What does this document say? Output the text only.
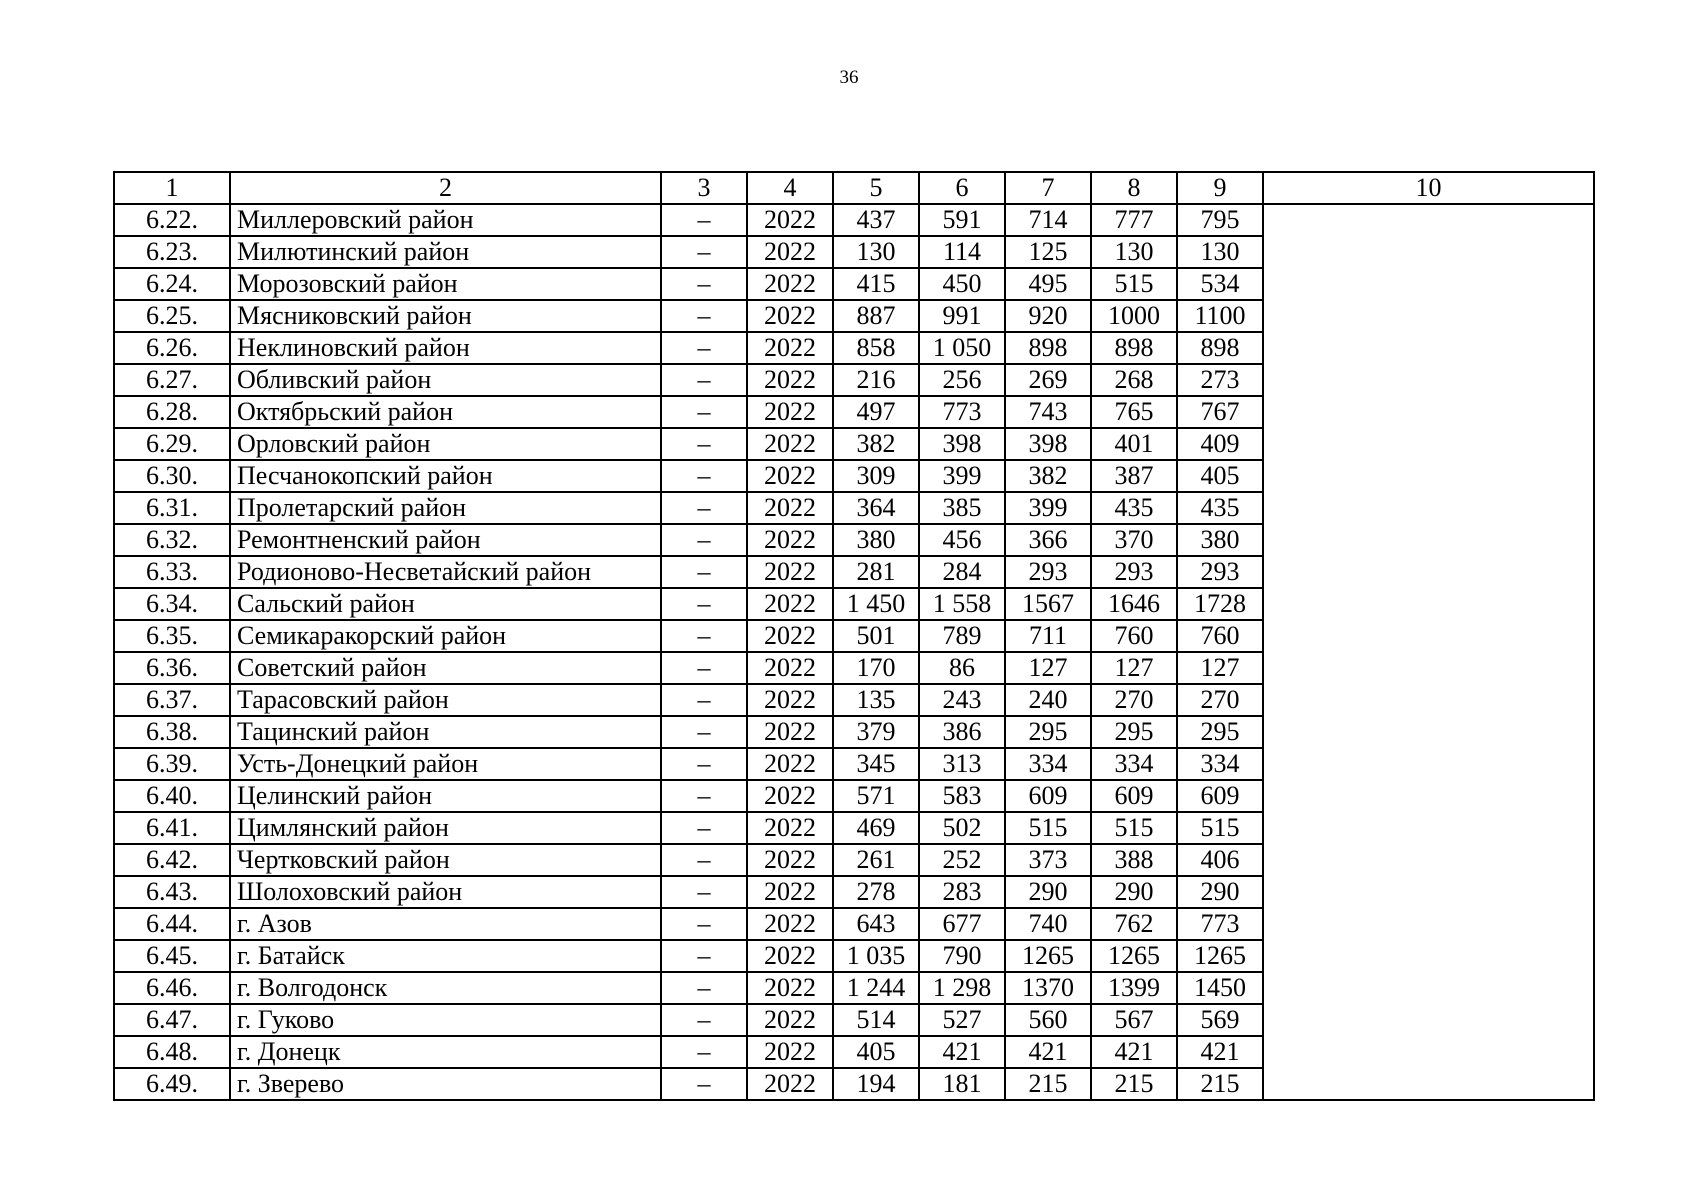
36
1	2	3	4	5	6	7	8	9	10
6.22.	Миллеровский район	–	2022	437	591	714	777	795	
6.23.	Милютинский район	–	2022	130	114	125	130	130	
6.24.	Морозовский район	–	2022	415	450	495	515	534	
6.25.	Мясниковский район	–	2022	887	991	920	1000	1100	
6.26.	Неклиновский район	–	2022	858	1 050	898	898	898	
6.27.	Обливский район	–	2022	216	256	269	268	273	
6.28.	Октябрьский район	–	2022	497	773	743	765	767	
6.29.	Орловский район	–	2022	382	398	398	401	409	
6.30.	Песчанокопский район	–	2022	309	399	382	387	405	
6.31.	Пролетарский район	–	2022	364	385	399	435	435	
6.32.	Ремонтненский район	–	2022	380	456	366	370	380	
6.33.	Родионово-Несветайский район	–	2022	281	284	293	293	293	
6.34.	Сальский район	–	2022	1 450	1 558	1567	1646	1728	
6.35.	Семикаракорский район	–	2022	501	789	711	760	760	
6.36.	Советский район	–	2022	170	86	127	127	127	
6.37.	Тарасовский район	–	2022	135	243	240	270	270	
6.38.	Тацинский район	–	2022	379	386	295	295	295	
6.39.	Усть-Донецкий район	–	2022	345	313	334	334	334	
6.40.	Целинский район	–	2022	571	583	609	609	609	
6.41.	Цимлянский район	–	2022	469	502	515	515	515	
6.42.	Чертковский район	–	2022	261	252	373	388	406	
6.43.	Шолоховский район	–	2022	278	283	290	290	290	
6.44.	г. Азов	–	2022	643	677	740	762	773	
6.45.	г. Батайск	–	2022	1 035	790	1265	1265	1265	
6.46.	г. Волгодонск	–	2022	1 244	1 298	1370	1399	1450	
6.47.	г. Гуково	–	2022	514	527	560	567	569	
6.48.	г. Донецк	–	2022	405	421	421	421	421	
6.49.	г. Зверево	–	2022	194	181	215	215	215	
